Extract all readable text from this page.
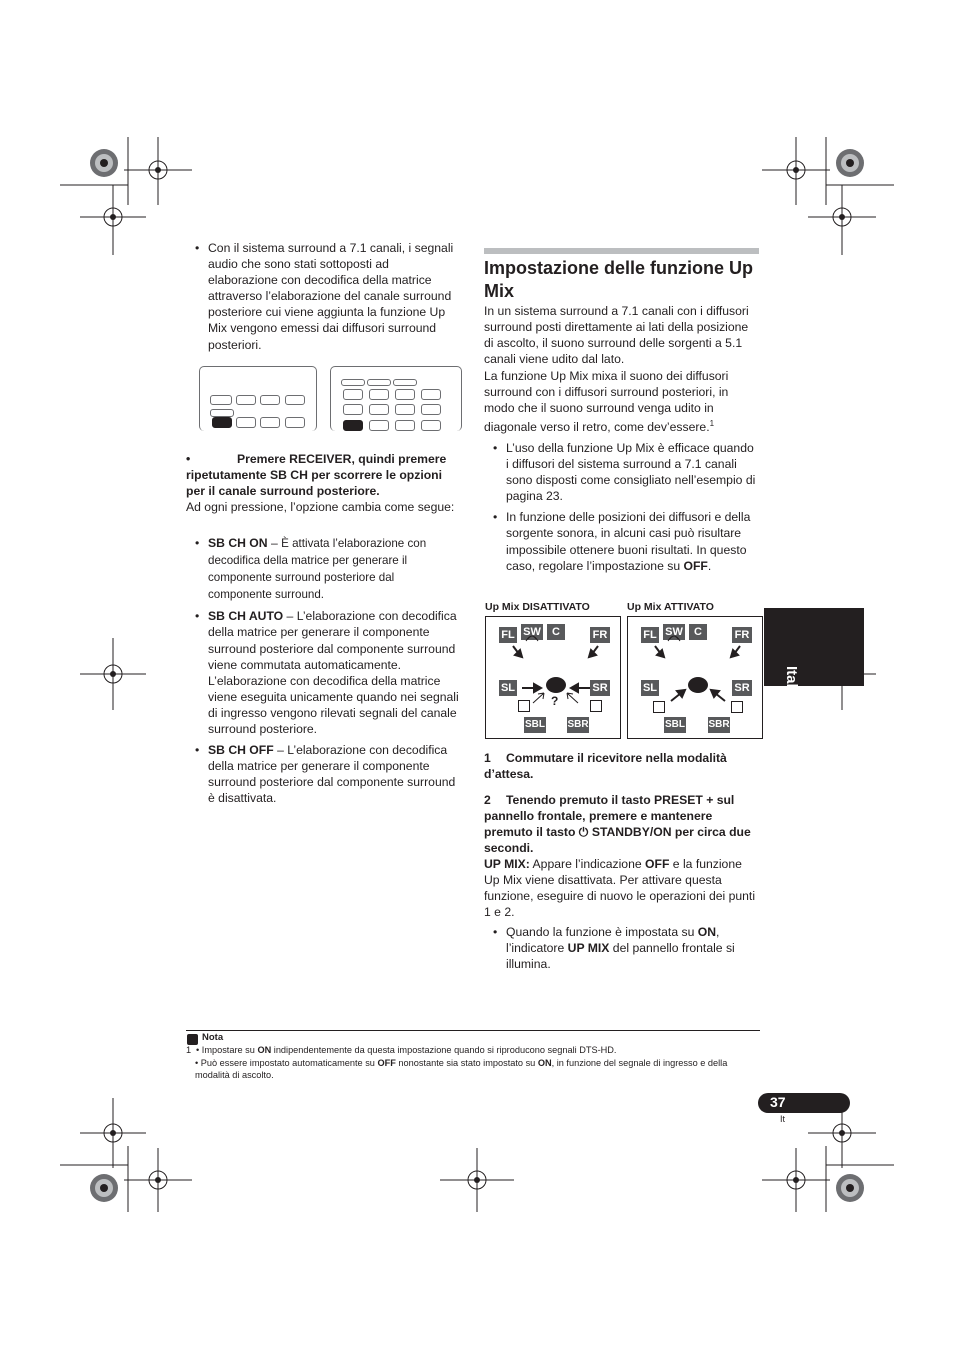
• Con il sistema surround a 7.1 canali, i segnali audio che sono stati sottoposti ad elaborazione con decodifica della matrice attraverso l’elaborazione del canale surround posteriore cui viene aggiunta la funzione Up Mix vengono emessi dai diffusori surround posteriori.
•	Premere RECEIVER, quindi premere ripetutamente SB CH per scorrere le opzioni per il canale surround posteriore.
Ad ogni pressione, l’opzione cambia come segue:
• SB CH ON – È attivata l’elaborazione con decodifica della matrice per generare il componente surround posteriore dal componente surround.
• SB CH AUTO – L’elaborazione con decodifica della matrice per generare il componente surround posteriore dal componente surround viene commutata automaticamente. L’elaborazione con decodifica della matrice viene eseguita unicamente quando nei segnali di ingresso vengono rilevati segnali del canale surround posteriore.
• SB CH OFF – L’elaborazione con decodifica della matrice per generare il componente surround posteriore dal componente surround è disattivata.
Impostazione delle funzione Up Mix
In un sistema surround a 7.1 canali con i diffusori surround posti direttamente ai lati della posizione di ascolto, il suono surround delle sorgenti a 5.1 canali viene udito dal lato.
La funzione Up Mix mixa il suono dei diffusori surround con i diffusori surround posteriori, in modo che il suono surround venga udito in diagonale verso il retro, come dev’essere.$^1$
• L’uso della funzione Up Mix è efficace quando i diffusori del sistema surround a 7.1 canali sono disposti come consigliato nell’esempio di pagina 23.
• In funzione delle posizioni dei diffusori e della sorgente sonora, in alcuni casi può risultare impossibile ottenere buoni risultati. In questo caso, regolare l’impostazione su OFF.
Up Mix DISATTIVATO	Up Mix ATTIVATO
FL SW	C	FR
SL	SR
SBL SBR
?
FL SW	C	FR
SL	SR
SBL SBR
1 Commutare il ricevitore nella modalità d’attesa.
2 Tenendo premuto il tasto PRESET + sul pannello frontale, premere e mantenere premuto il tasto ⏻ STANDBY/ON per circa due secondi.
UP MIX: Appare l’indicazione OFF e la funzione Up Mix viene disattivata. Per attivare questa funzione, eseguire di nuovo le operazioni dei punti 1 e 2.
• Quando la funzione è impostata su ON, l’indicatore UP MIX del pannello frontale si illumina.
Italiano
Nota
1 • Impostare su ON indipendentemente da questa impostazione quando si riproducono segnali DTS-HD.
• Può essere impostato automaticamente su OFF nonostante sia stato impostato su ON, in funzione del segnale di ingresso e della modalità di ascolto.
37
It
